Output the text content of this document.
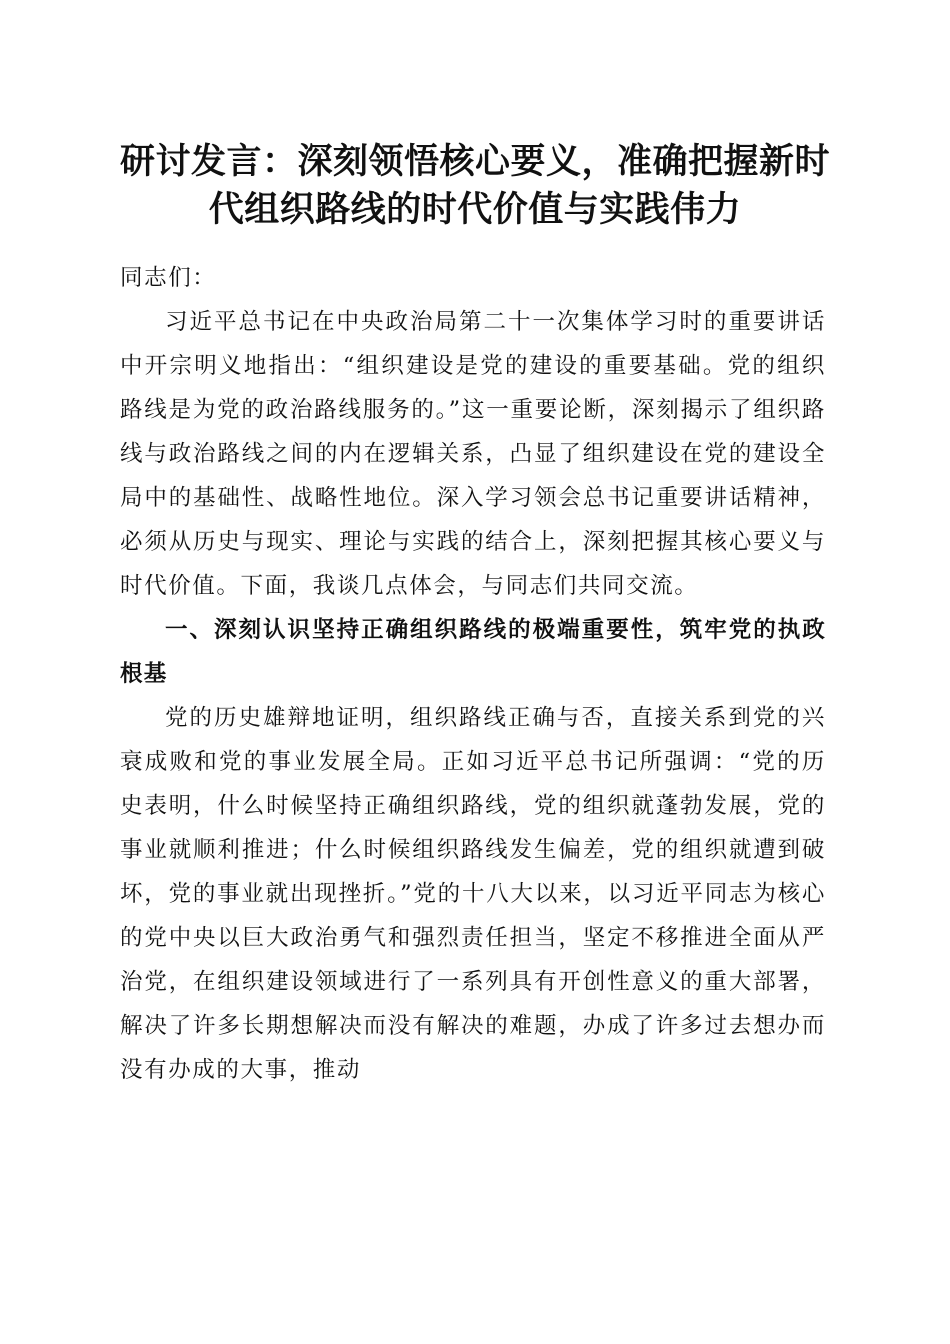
研讨发言：深刻领悟核心要义，准确把握新时
代组织路线的时代价值与实践伟力

同志们：

习近平总书记在中央政治局第二十一次集体学习时的重要讲话中开宗明义地指出：“组织建设是党的建设的重要基础。党的组织路线是为党的政治路线服务的。”这一重要论断，深刻揭示了组织路线与政治路线之间的内在逻辑关系，凸显了组织建设在党的建设全局中的基础性、战略性地位。深入学习领会总书记重要讲话精神，必须从历史与现实、理论与实践的结合上，深刻把握其核心要义与时代价值。下面，我谈几点体会，与同志们共同交流。

一、深刻认识坚持正确组织路线的极端重要性，筑牢党的执政根基

党的历史雄辩地证明，组织路线正确与否，直接关系到党的兴衰成败和党的事业发展全局。正如习近平总书记所强调：“党的历史表明，什么时候坚持正确组织路线，党的组织就蓬勃发展，党的事业就顺利推进；什么时候组织路线发生偏差，党的组织就遭到破坏，党的事业就出现挫折。”党的十八大以来，以习近平同志为核心的党中央以巨大政治勇气和强烈责任担当，坚定不移推进全面从严治党，在组织建设领域进行了一系列具有开创性意义的重大部署，解决了许多长期想解决而没有解决的难题，办成了许多过去想办而没有办成的大事，推动
